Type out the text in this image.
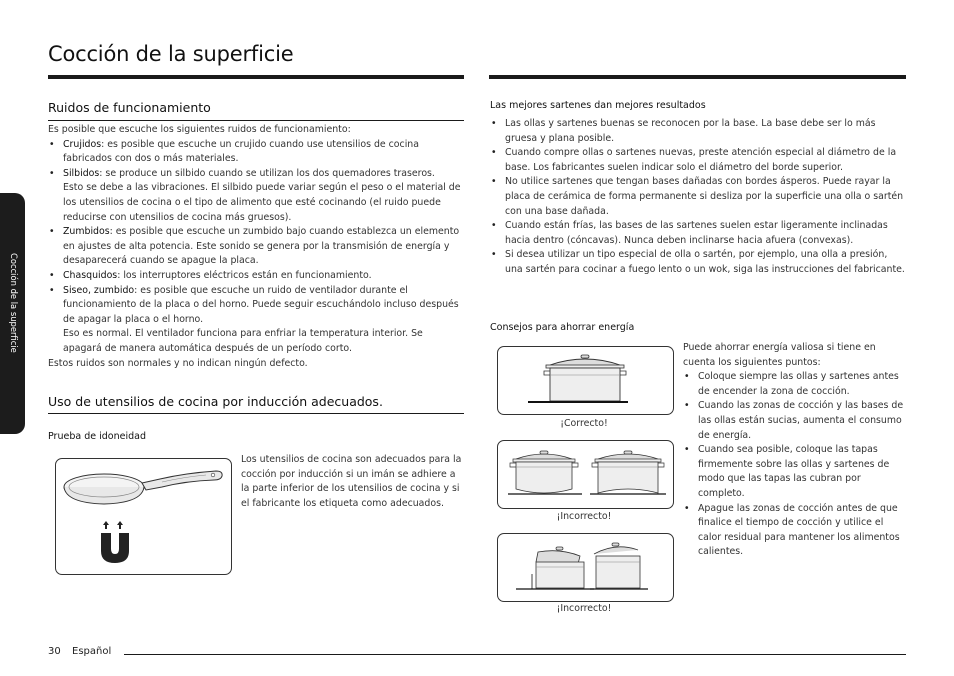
Cocción de la superficie
Cocción de la superficie
Ruidos de funcionamiento

Es posible que escuche los siguientes ruidos de funcionamiento:

• Crujidos: es posible que escuche un crujido cuando use utensilios de cocina fabricados con dos o más materiales.
• Silbidos: se produce un silbido cuando se utilizan los dos quemadores traseros.
Esto se debe a las vibraciones. El silbido puede variar según el peso o el material de los utensilios de cocina o el tipo de alimento que esté cocinando (el ruido puede reducirse con utensilios de cocina más gruesos).
• Zumbidos: es posible que escuche un zumbido bajo cuando establezca un elemento en ajustes de alta potencia. Este sonido se genera por la transmisión de energía y desaparecerá cuando se apague la placa.
• Chasquidos: los interruptores eléctricos están en funcionamiento.
• Siseo, zumbido: es posible que escuche un ruido de ventilador durante el funcionamiento de la placa o del horno. Puede seguir escuchándolo incluso después de apagar la placa o el horno.
Eso es normal. El ventilador funciona para enfriar la temperatura interior. Se apagará de manera automática después de un período corto.

Estos ruidos son normales y no indican ningún defecto.

Uso de utensilios de cocina por inducción adecuados.
Prueba de idoneidad
Los utensilios de cocina son adecuados para la cocción por inducción si un imán se adhiere a la parte inferior de los utensilios de cocina y si el fabricante los etiqueta como adecuados.
Las mejores sartenes dan mejores resultados
• Las ollas y sartenes buenas se reconocen por la base. La base debe ser lo más gruesa y plana posible.
• Cuando compre ollas o sartenes nuevas, preste atención especial al diámetro de la base. Los fabricantes suelen indicar solo el diámetro del borde superior.
• No utilice sartenes que tengan bases dañadas con bordes ásperos. Puede rayar la placa de cerámica de forma permanente si desliza por la superficie una olla o sartén con una base dañada.
• Cuando están frías, las bases de las sartenes suelen estar ligeramente inclinadas hacia dentro (cóncavas). Nunca deben inclinarse hacia afuera (convexas).
• Si desea utilizar un tipo especial de olla o sartén, por ejemplo, una olla a presión, una sartén para cocinar a fuego lento o un wok, siga las instrucciones del fabricante.
Consejos para ahorrar energía
¡Correcto!
¡Incorrecto!
¡Incorrecto!

Puede ahorrar energía valiosa si tiene en cuenta los siguientes puntos:

• Coloque siempre las ollas y sartenes antes de encender la zona de cocción.
• Cuando las zonas de cocción y las bases de las ollas están sucias, aumenta el consumo de energía.
• Cuando sea posible, coloque las tapas firmemente sobre las ollas y sartenes de modo que las tapas las cubran por completo.
• Apague las zonas de cocción antes de que finalice el tiempo de cocción y utilice el calor residual para mantener los alimentos calientes.
30 Español
